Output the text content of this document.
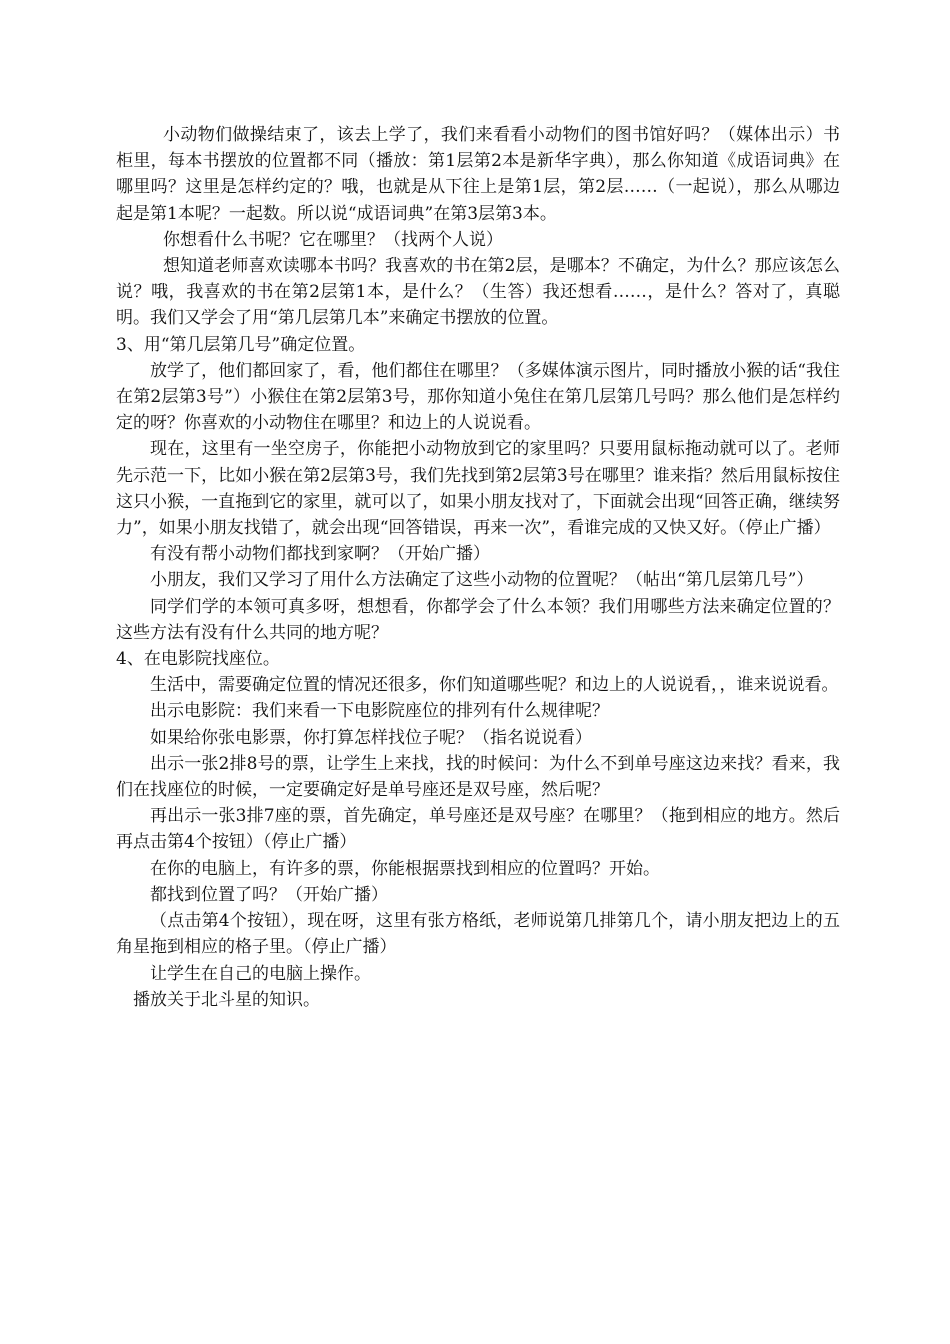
小动物们做操结束了，该去上学了，我们来看看小动物们的图书馆好吗？（媒体出示）书柜里，每本书摆放的位置都不同（播放：第1层第2本是新华字典），那么你知道《成语词典》在哪里吗？这里是怎样约定的？哦，也就是从下往上是第1层，第2层……（一起说），那么从哪边起是第1本呢？一起数。所以说“成语词典”在第3层第3本。

你想看什么书呢？它在哪里？（找两个人说）

想知道老师喜欢读哪本书吗？我喜欢的书在第2层，是哪本？不确定，为什么？那应该怎么说？哦，我喜欢的书在第2层第1本，是什么？（生答）我还想看……，是什么？答对了，真聪明。我们又学会了用“第几层第几本”来确定书摆放的位置。

3、用“第几层第几号”确定位置。

放学了，他们都回家了，看，他们都住在哪里？（多媒体演示图片，同时播放小猴的话“我住在第2层第3号”）小猴住在第2层第3号，那你知道小兔住在第几层第几号吗？那么他们是怎样约定的呀？你喜欢的小动物住在哪里？和边上的人说说看。

现在，这里有一坐空房子，你能把小动物放到它的家里吗？只要用鼠标拖动就可以了。老师先示范一下，比如小猴在第2层第3号，我们先找到第2层第3号在哪里？谁来指？然后用鼠标按住这只小猴，一直拖到它的家里，就可以了，如果小朋友找对了，下面就会出现“回答正确，继续努力”，如果小朋友找错了，就会出现“回答错误，再来一次”，看谁完成的又快又好。（停止广播）

有没有帮小动物们都找到家啊？（开始广播）

小朋友，我们又学习了用什么方法确定了这些小动物的位置呢？（帖出“第几层第几号”）

同学们学的本领可真多呀，想想看，你都学会了什么本领？我们用哪些方法来确定位置的？这些方法有没有什么共同的地方呢？

4、在电影院找座位。

生活中，需要确定位置的情况还很多，你们知道哪些呢？和边上的人说说看，，谁来说说看。

出示电影院：我们来看一下电影院座位的排列有什么规律呢？

如果给你张电影票，你打算怎样找位子呢？（指名说说看）

出示一张2排8号的票，让学生上来找，找的时候问：为什么不到单号座这边来找？看来，我们在找座位的时候，一定要确定好是单号座还是双号座，然后呢？

再出示一张3排7座的票，首先确定，单号座还是双号座？在哪里？（拖到相应的地方。然后再点击第4个按钮）（停止广播）

在你的电脑上，有许多的票，你能根据票找到相应的位置吗？开始。

都找到位置了吗？（开始广播）

（点击第4个按钮），现在呀，这里有张方格纸，老师说第几排第几个，请小朋友把边上的五角星拖到相应的格子里。（停止广播）

让学生在自己的电脑上操作。

播放关于北斗星的知识。
